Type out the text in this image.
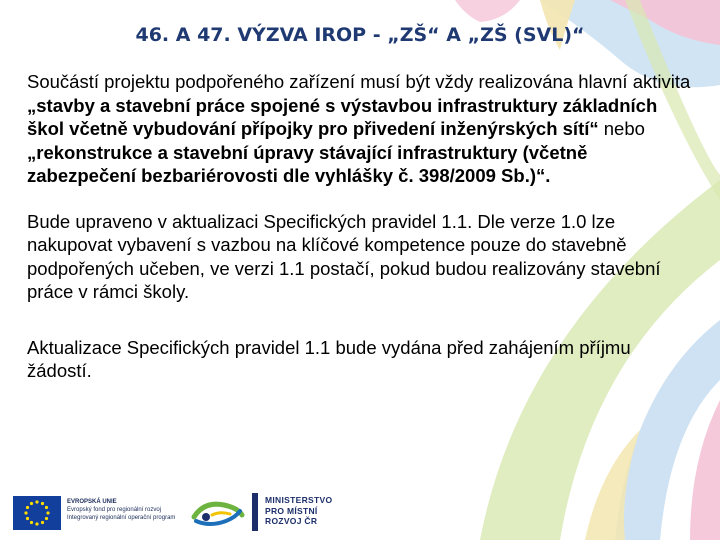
46. A 47. VÝZVA IROP - „ZŠ“ A „ZŠ (SVL)“

Součástí projektu podpořeného zařízení musí být vždy realizována hlavní aktivita „stavby a stavební práce spojené s výstavbou infrastruktury základních škol včetně vybudování přípojky pro přivedení inženýrských sítí“ nebo „rekonstrukce a stavební úpravy stávající infrastruktury (včetně zabezpečení bezbariérovosti dle vyhlášky č. 398/2009 Sb.)“.

Bude upraveno v aktualizaci Specifických pravidel 1.1. Dle verze 1.0 lze nakupovat vybavení s vazbou na klíčové kompetence pouze do stavebně podpořených učeben, ve verzi 1.1 postačí, pokud budou realizovány stavební práce v rámci školy.

Aktualizace Specifických pravidel 1.1 bude vydána před zahájením příjmu žádostí.

EVROPSKÁ UNIE
Evropský fond pro regionální rozvoj
Integrovaný regionální operační program
MINISTERSTVO
PRO MÍSTNÍ
ROZVOJ ČR
